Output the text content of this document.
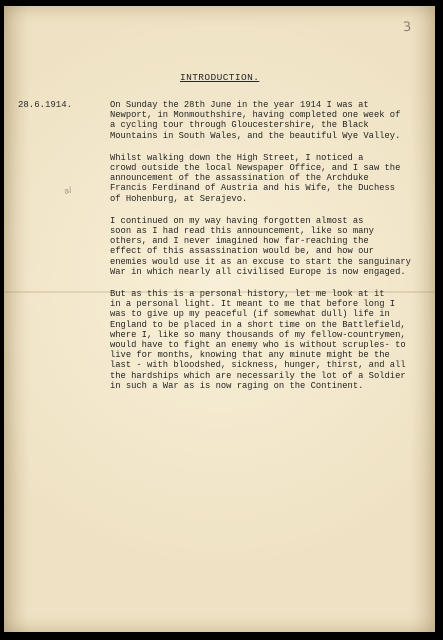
3
INTRODUCTION.
28.6.1914.
a/
On Sunday the 28th June in the year 1914 I was at
Newport, in Monmouthshire, having completed one week of
a cycling tour through Gloucestershire, the Black
Mountains in South Wales, and the beautiful Wye Valley.
Whilst walking down the High Street, I noticed a
crowd outside the local Newspaper Office, and I saw the
announcement of the assassination of the Archduke
Francis Ferdinand of Austria and his Wife, the Duchess
of Hohenburg, at Serajevo.
I continued on my way having forgotten almost as
soon as I had read this announcement, like so many
others, and I never imagined how far-reaching the
effect of this assassination would be, and how our
enemies would use it as an excuse to start the sanguinary
War in which nearly all civilised Europe is now engaged.
But as this is a personal history, let me look at it
in a personal light. It meant to me that before long I
was to give up my peaceful (if somewhat dull) life in
England to be placed in a short time on the Battlefield,
where I, like so many thousands of my fellow-countrymen,
would have to fight an enemy who is without scruples- to
live for months, knowing that any minute might be the
last - with bloodshed, sickness, hunger, thirst, and all
the hardships which are necessarily the lot of a Soldier
in such a War as is now raging on the Continent.
